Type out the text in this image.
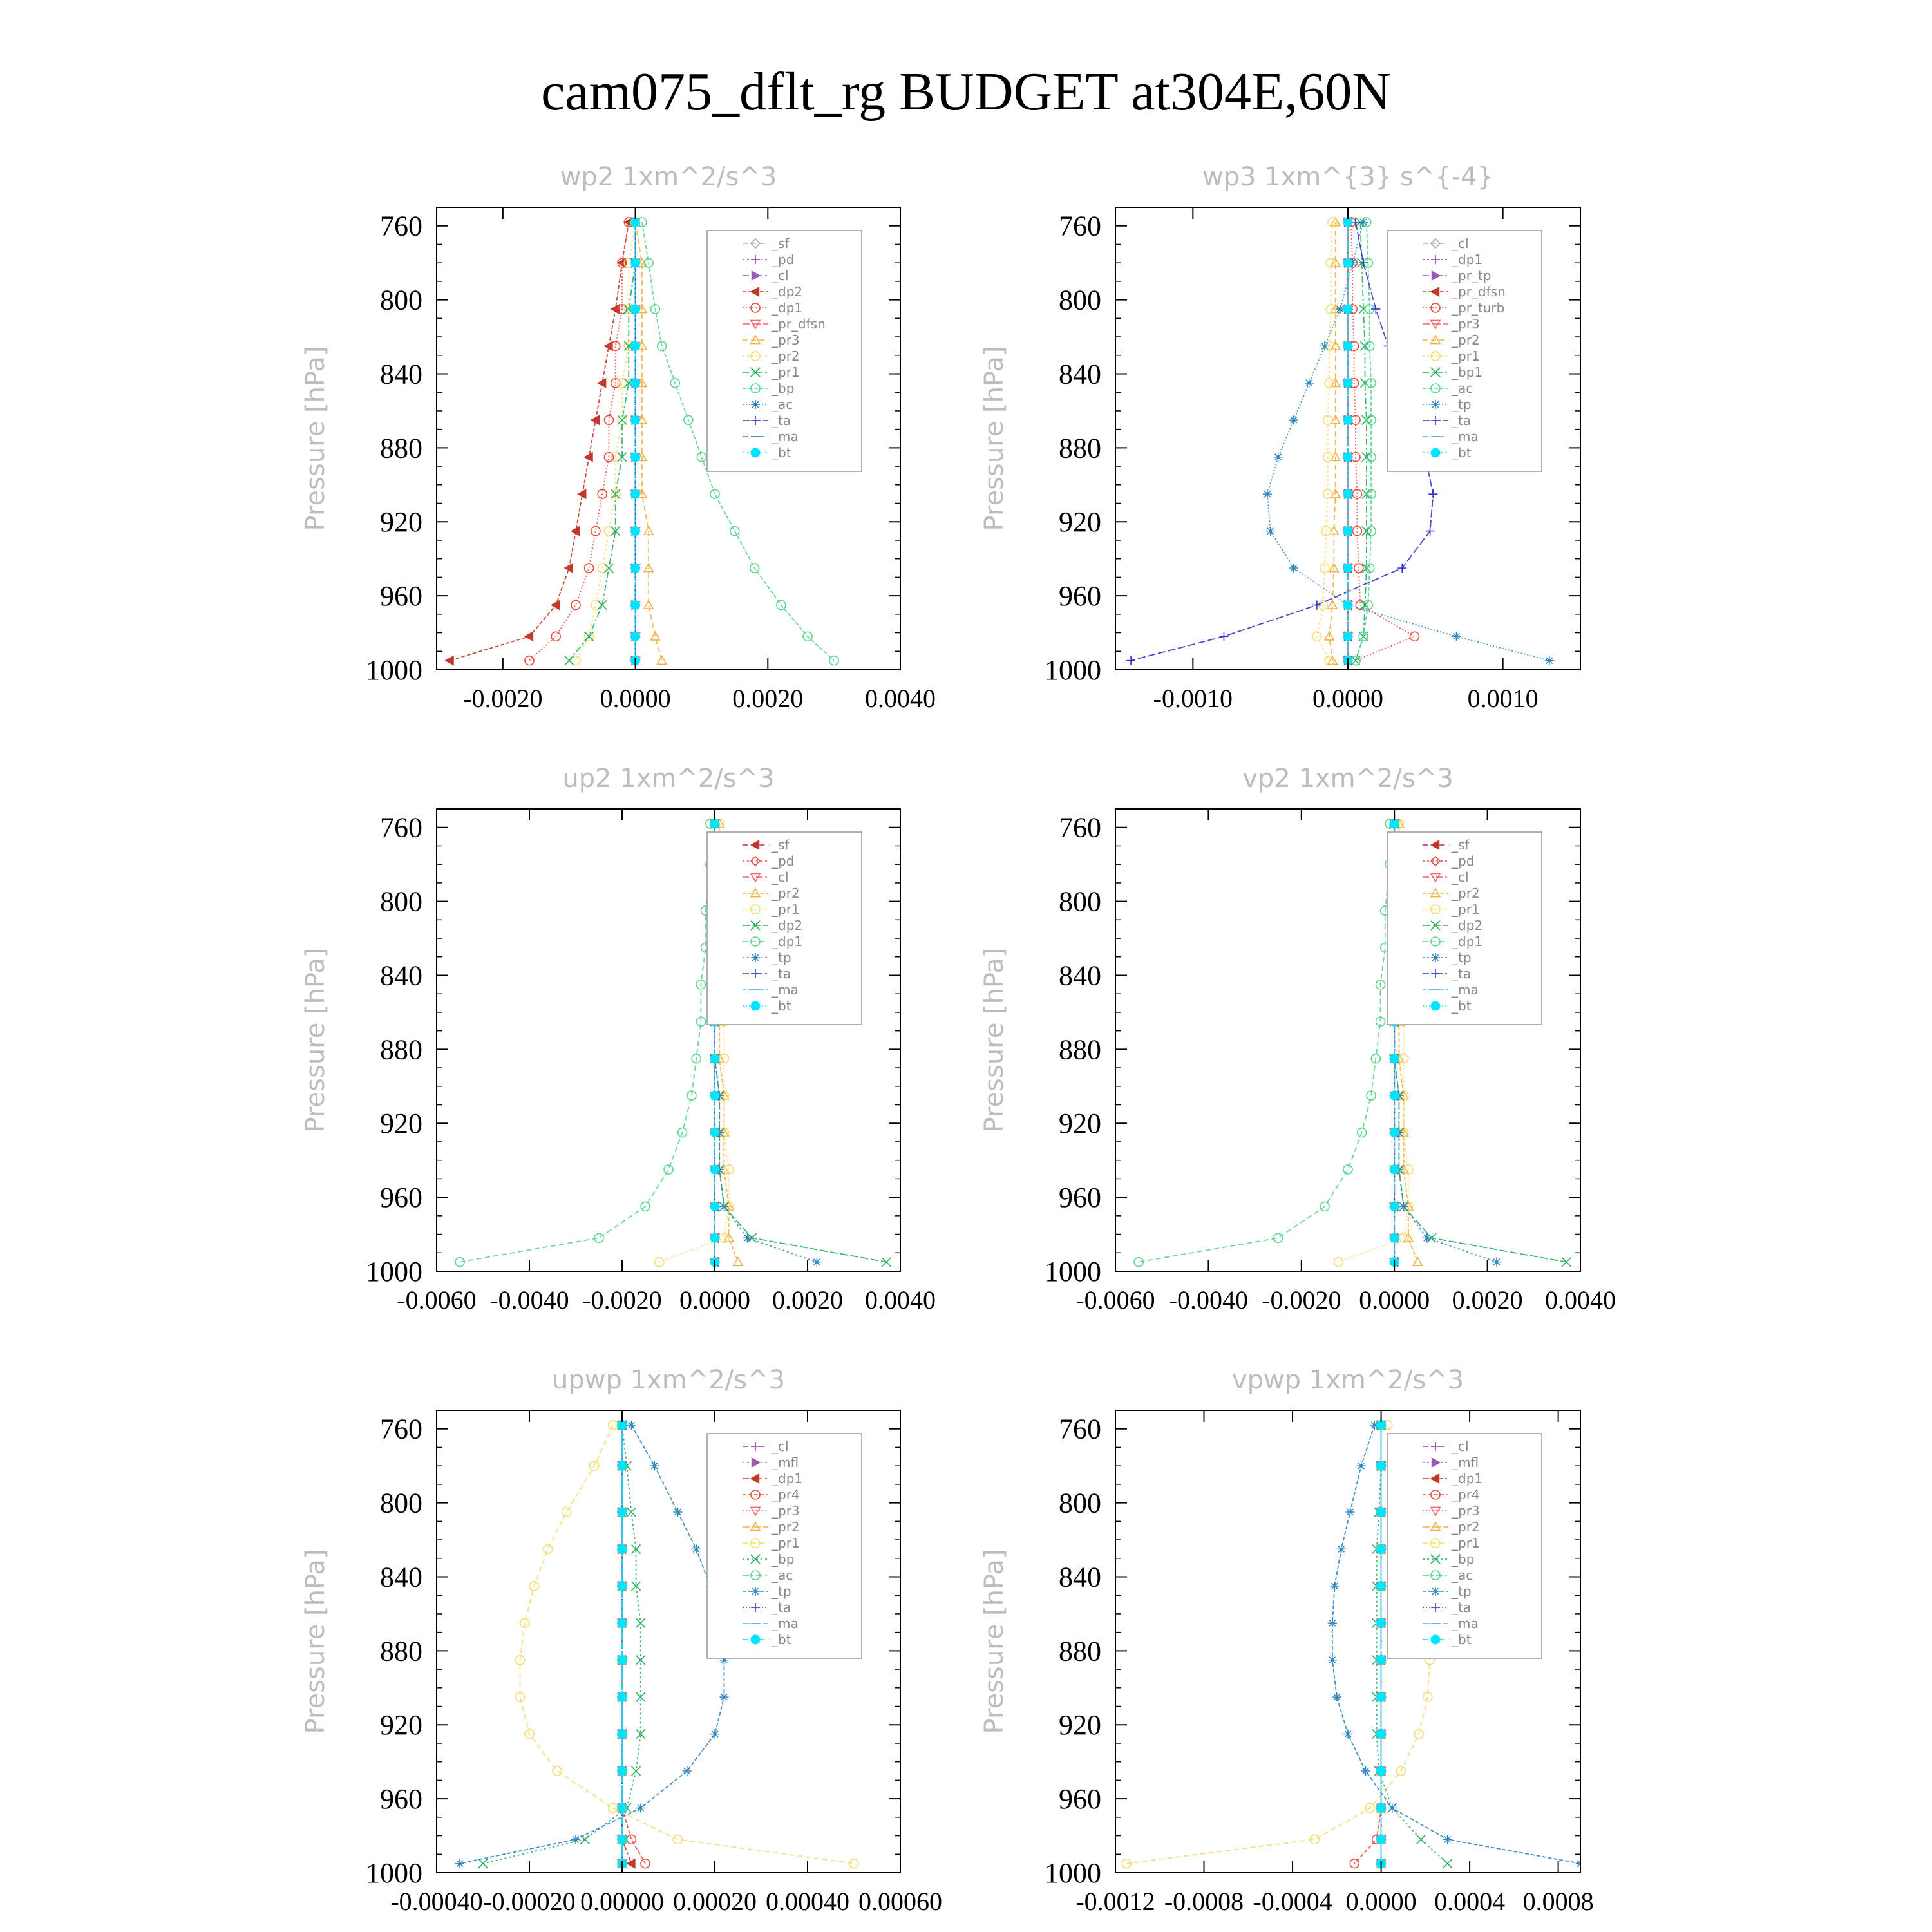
cam075_dflt_rg BUDGET at304E,60N
wp2 1xm^2/s^3
Pressure [hPa]
760
800
840
880
920
960
1000
-0.0020 0.0000 0.0020 0.0040
_sf
_pd
_cl
_dp2
_dp1
_pr_dfsn
_pr3
_pr2
_pr1
_bp
_ac
_ta
_ma
_bt
wp3 1xm^{3} s^{-4}
Pressure [hPa]
760
800
840
880
920
960
1000
-0.0010	0.0000	0.0010
_cl
_dp1
_pr_tp
_pr_dfsn
_pr_turb
_pr3
_pr2
_pr1
_bp1
_ac
_tp
_ta
_ma
_bt
up2 1xm^2/s^3
Pressure [hPa]
760
800
840
880
920
960
1000
-0.0060 -0.0040 -0.0020 0.0000 0.0020 0.0040
_sf
_pd
_cl
_pr2
_pr1
_dp2
_dp1
_tp
_ta
_ma
_bt
vp2 1xm^2/s^3
Pressure [hPa]
760
800
840
880
920
960
1000
-0.0060 -0.0040 -0.0020 0.0000 0.0020 0.0040
_sf
_pd
_cl
_pr2
_pr1
_dp2
_dp1
_tp
_ta
_ma
_bt
upwp 1xm^2/s^3
Pressure [hPa]
760
800
840
880
920
960
1000
-0.00040 -0.00020 0.00000 0.00020 0.00040 0.00060
_cl
_mfl
_dp1
_pr4
_pr3
_pr2
_pr1
_bp
_ac
_tp
_ta
_ma
_bt
vpwp 1xm^2/s^3
Pressure [hPa]
760
800
840
880
920
960
1000
-0.0012 -0.0008 -0.0004 0.0000 0.0004 0.0008
_cl
_mfl
_dp1
_pr4
_pr3
_pr2
_pr1
_bp
_ac
_tp
_ta
_ma
_bt
